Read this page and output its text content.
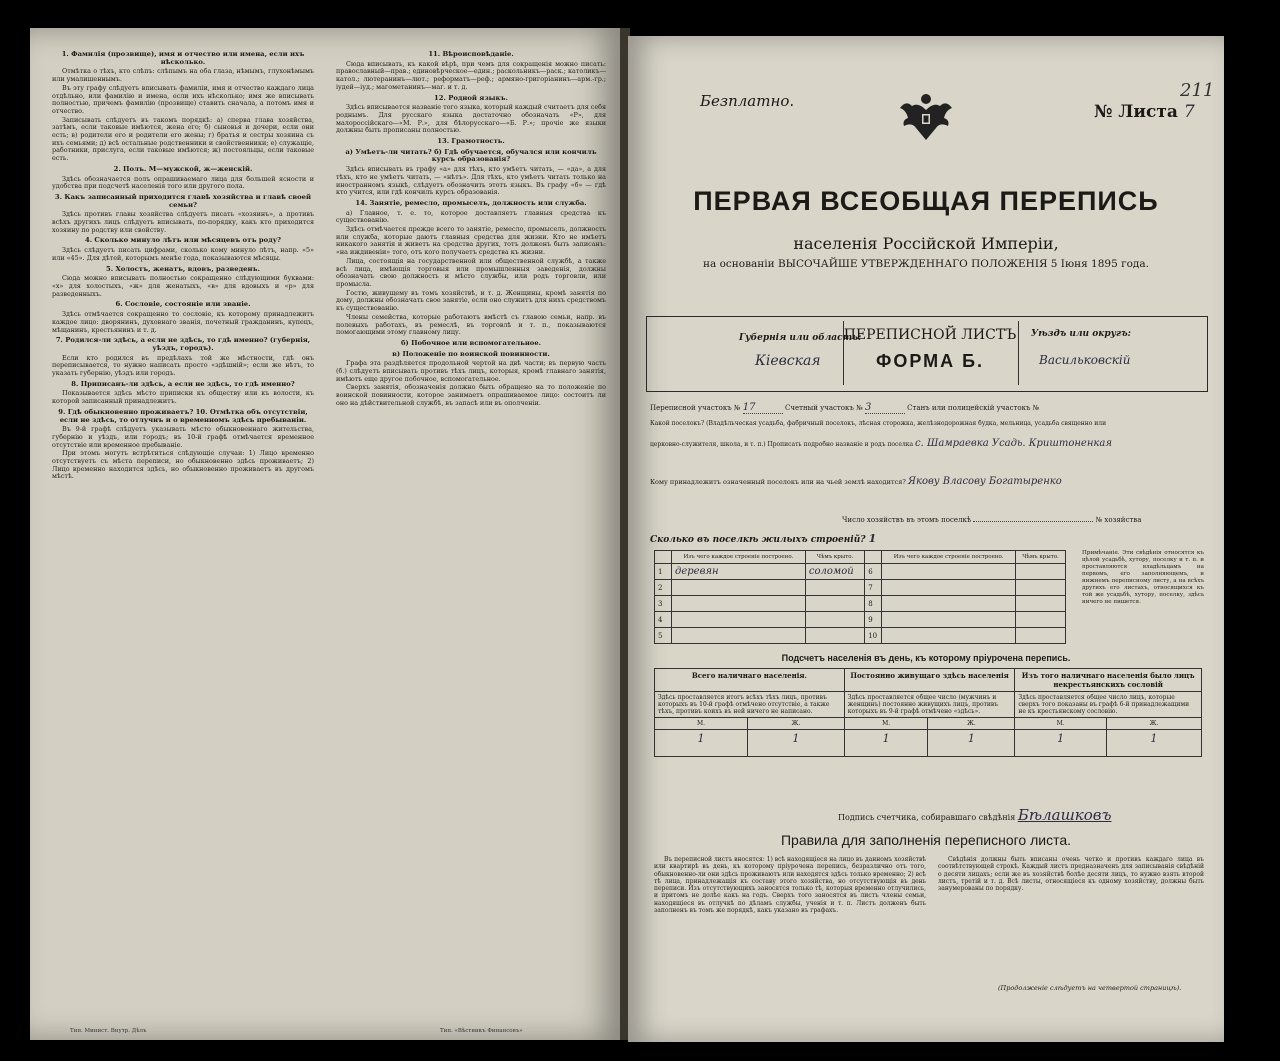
1. Фамилія (прозвище), имя и отчество или имена, если ихъ нѣсколько.

Отмѣтка о тѣхъ, кто слѣпъ: слѣпымъ на оба глаза, нѣмымъ, глухонѣмымъ или умалишеннымъ.

Въ эту графу слѣдуетъ вписывать фамиліи, имя и отчество каждаго лица отдѣльно, или фамилію и имена, если ихъ нѣсколько; имя же вписывать полностью, причемъ фамилію (прозвище) ставить сначала, а потомъ имя и отчество.

Записывать слѣдуетъ въ такомъ порядкѣ: а) сперва глава хозяйства, затѣмъ, если таковые имѣются, жена его; б) сыновья и дочери, если они есть; в) родители его и родители его жены; г) братья и сестры хозяина съ ихъ семьями; д) всѣ остальные родственники и свойственники; е) служащіе, работники, прислуга, если таковые имѣются; ж) постояльцы, если таковые есть.

2. Полъ. М—мужской, ж—женскій.

Здѣсь обозначается полъ опрашиваемаго лица для большей ясности и удобства при подсчетѣ населенія того или другого пола.

3. Какъ записанный приходится главѣ хозяйства и главѣ своей семьи?

Здѣсь противъ главы хозяйства слѣдуетъ писать «хозяинъ», а противъ всѣхъ другихъ лицъ слѣдуетъ вписывать, по-порядку, какъ кто приходится хозяину по родству или свойству.

4. Сколько минуло лѣтъ или мѣсяцевъ отъ роду?

Здѣсь слѣдуетъ писать цифрами, сколько кому минуло лѣтъ, напр. «5» или «45». Для дѣтей, которымъ менѣе года, показываются мѣсяцы.

5. Холостъ, женатъ, вдовъ, разведенъ.

Сюда можно вписывать полностью сокращенно слѣдующими буквами: «х» для холостыхъ, «ж» для женатыхъ, «в» для вдовыхъ и «р» для разведенныхъ.

6. Сословіе, состояніе или званіе.

Здѣсь отмѣчается сокращенно то сословіе, къ которому принадлежитъ каждое лицо: дворянинъ, духовнаго званія, почетный гражданинъ, купецъ, мѣщанинъ, крестьянинъ и т. д.

7. Родился-ли здѣсь, а если не здѣсь, то гдѣ именно? (губернія, уѣздъ, городъ).

Если кто родился въ предѣлахъ той же мѣстности, гдѣ онъ переписывается, то нужно написать просто «здѣшній»; если же нѣтъ, то указать губернію, уѣздъ или городъ.

8. Приписанъ-ли здѣсь, а если не здѣсь, то гдѣ именно?

Показывается здѣсь мѣсто приписки къ обществу или къ волости, къ которой записанный принадлежитъ.

9. Гдѣ обыкновенно проживаетъ? 10. Отмѣтка объ отсутствіи, если не здѣсь, то отлучнъ и о временномъ здѣсь пребываніи.

Въ 9-й графѣ слѣдуетъ указывать мѣсто обыкновеннаго жительства, губернію и уѣздъ, или городъ; въ 10-й графѣ отмѣчается временное отсутствіе или временное пребываніе.

При этомъ могутъ встрѣтиться слѣдующіе случаи: 1) Лицо временно отсутствуетъ съ мѣста переписи, но обыкновенно здѣсь проживаетъ; 2) Лицо временно находится здѣсь, но обыкновенно проживаетъ въ другомъ мѣстѣ.

11. Вѣроисповѣданіе.

Сюда вписывать, къ какой вѣрѣ, при чемъ для сокращенія можно писать: православный—прав.; единовѣрческое—един.; раскольникъ—раск.; католикъ—катол.; лютеранинъ—лют.; реформатъ—реф.; армяно-григоріанинъ—арм.-гр.; іудей—іуд.; магометанинъ—маг. и т. д.

12. Родной языкъ.

Здѣсь вписывается названіе того языка, который каждый считаетъ для себя роднымъ. Для русскаго языка достаточно обозначать «Р», для малороссійскаго—«М. Р.», для бѣлорусскаго—«Б. Р.»; прочіе же языки должны быть прописаны полностью.

13. Грамотность.
а) Умѣетъ-ли читать? б) Гдѣ обучается, обучался или кончилъ курсъ образованія?

Здѣсь вписывать въ графу «а» для тѣхъ, кто умѣетъ читать, — «да», а для тѣхъ, кто не умѣетъ читать, — «нѣтъ». Для тѣхъ, кто умѣетъ читать только на иностранномъ языкѣ, слѣдуетъ обозначить этотъ языкъ. Въ графу «б» — гдѣ кто учится, или гдѣ кончилъ курсъ образованія.

14. Занятіе, ремесло, промыселъ, должность или служба.

а) Главное, т. е. то, которое доставляетъ главныя средства къ существованію.

Здѣсь отмѣчается прежде всего то занятіе, ремесло, промыселъ, должность или служба, которые даютъ главныя средства для жизни. Кто не имѣетъ никакого занятія и живетъ на средства других, тотъ долженъ быть записанъ: «на иждивеніи» того, отъ кого получаетъ средства къ жизни.

Лица, состоящія на государственной или общественной службѣ, а также всѣ лица, имѣющія торговыя или промышленныя заведенія, должны обозначать свою должность и мѣсто службы, или родъ торговли, или промысла.

Гостю, живущему въ томъ хозяйствѣ, и т. д. Женщины, кромѣ занятія по дому, должны обозначать свое занятіе, если оно служитъ для нихъ средствомъ къ существованію.

Члены семейства, которые работаютъ вмѣстѣ съ главою семьи, напр. въ полевыхъ работахъ, въ ремеслѣ, въ торговлѣ и т. п., показываются помогающими этому главному лицу.

б) Побочное или вспомогательное.
в) Положеніе по воинской повинности.

Графа эта раздѣляется продольной чертой на двѣ части; въ первую часть (б.) слѣдуетъ вписывать противъ тѣхъ лицъ, которыя, кромѣ главнаго занятія, имѣютъ еще другое побочное, вспомогательное.

Сверхъ занятія, обозначенія должно быть обращено на то положеніе по воинской повинности, которое занимаетъ опрашиваемое лицо: состоитъ ли оно на дѣйствительной службѣ, въ запасѣ или въ ополченіи.

Тип. Минист. Внутр. Дѣлъ	Тип. «Вѣстникъ Финансовъ»
Безплатно.
№ Листа 7
211
ПЕРВАЯ ВСЕОБЩАЯ ПЕРЕПИСЬ
населенія Россійской Имперіи,
на основаніи ВЫСОЧАЙШЕ УТВЕРЖДЕННАГО ПОЛОЖЕНІЯ 5 Іюня 1895 года.
Губернія или область:
Кіевская
ПЕРЕПИСНОЙ ЛИСТЪ
ФОРМА Б.
Уѣздъ или округъ:
Васильковскій
Переписной участокъ № 17	Счетный участокъ № 3	Станъ или полицейскій участокъ №
Какой поселокъ? (Владѣльческая усадьба, фабричный поселокъ, лѣсная сторожка, желѣзнодорожная будка, мельница, усадьба священно или
церковно-служителя, школа, и т. п.) Прописать подробно названіе и родъ поселка с. Шамраевка Усадь. Криштоненкая
Кому принадлежитъ означенный поселокъ или на чьей землѣ находится? Якову Власову Богатыренко
Число хозяйствъ въ этомъ поселкѣ	№ хозяйства
Сколько въ поселкѣ жилыхъ строеній? 1
	Изъ чего каждое строеніе построено.	Чѣмъ крыто.		Изъ чего каждое строеніе построено.	Чѣмъ крыто.
1	деревян	соломой	6		
2			7		
3			8		
4			9		
5			10		
Примѣчаніе. Эти свѣдѣнія относятся къ цѣлой усадьбѣ, хутору, поселку и т. п. и проставляются владѣльцамъ на первомъ, его заполняющемъ, и нижнемъ переписному листу, а на всѣхъ другихъ его листахъ, относящихся къ той же усадьбѣ, хутору, поселку, здѣсь ничего не пишется.
Подсчетъ населенія въ день, къ которому пріурочена перепись.
Всего наличнаго населенія.		Постоянно живущаго здѣсь населенія		Изъ того наличнаго населенія было лицъ некрестьянскихъ сословій	
Здѣсь проставляется итогъ всѣхъ тѣхъ лицъ, противъ которыхъ въ 10-й графѣ отмѣчено отсутствіе, а также тѣхъ, противъ коихъ въ ней ничего не написано.		Здѣсь проставляется общее число (мужчинъ и женщинъ) постоянно живущихъ лицъ, противъ которыхъ въ 9-й графѣ отмѣчено «здѣсь».		Здѣсь проставляется общее число лицъ, которые сверхъ того показаны въ графѣ 6-й принадлежащими не къ крестьянскому сословію.	
М.	Ж.	М.	Ж.	М.	Ж.
1	1	1	1	1	1
Подпись счетчика, собиравшаго свѣдѣнія Бѣлашковъ
Правила для заполненія переписного листа.

Въ переписной листъ вносятся: 1) всѣ находящіеся на лицо въ данномъ хозяйствѣ или квартирѣ въ день, къ которому пріурочена перепись, безразлично отъ того, обыкновенно-ли они здѣсь проживаютъ или находятся здѣсь только временно; 2) всѣ тѣ лица, принадлежащія къ составу этого хозяйства, но отсутствующія въ день переписи. Изъ отсутствующихъ заносятся только тѣ, которыя временно отлучились, и притомъ не долѣе какъ на годъ. Сверхъ того заносятся въ листъ члены семьи, находящіеся въ отлучкѣ по дѣламъ службы, ученія и т. п. Листъ долженъ быть заполненъ въ томъ же порядкѣ, какъ указано въ графахъ.

Свѣдѣнія должны быть вписаны очень четко и противъ каждаго лица въ соотвѣтствующей строкѣ. Каждый листъ предназначенъ для записыванія свѣдѣній о десяти лицахъ; если же въ хозяйствѣ болѣе десяти лицъ, то нужно взять второй листъ, третій и т. д. Всѣ листы, относящіеся къ одному хозяйству, должны быть занумерованы по порядку.

(Продолженіе слѣдуетъ на четвертой страницѣ).
